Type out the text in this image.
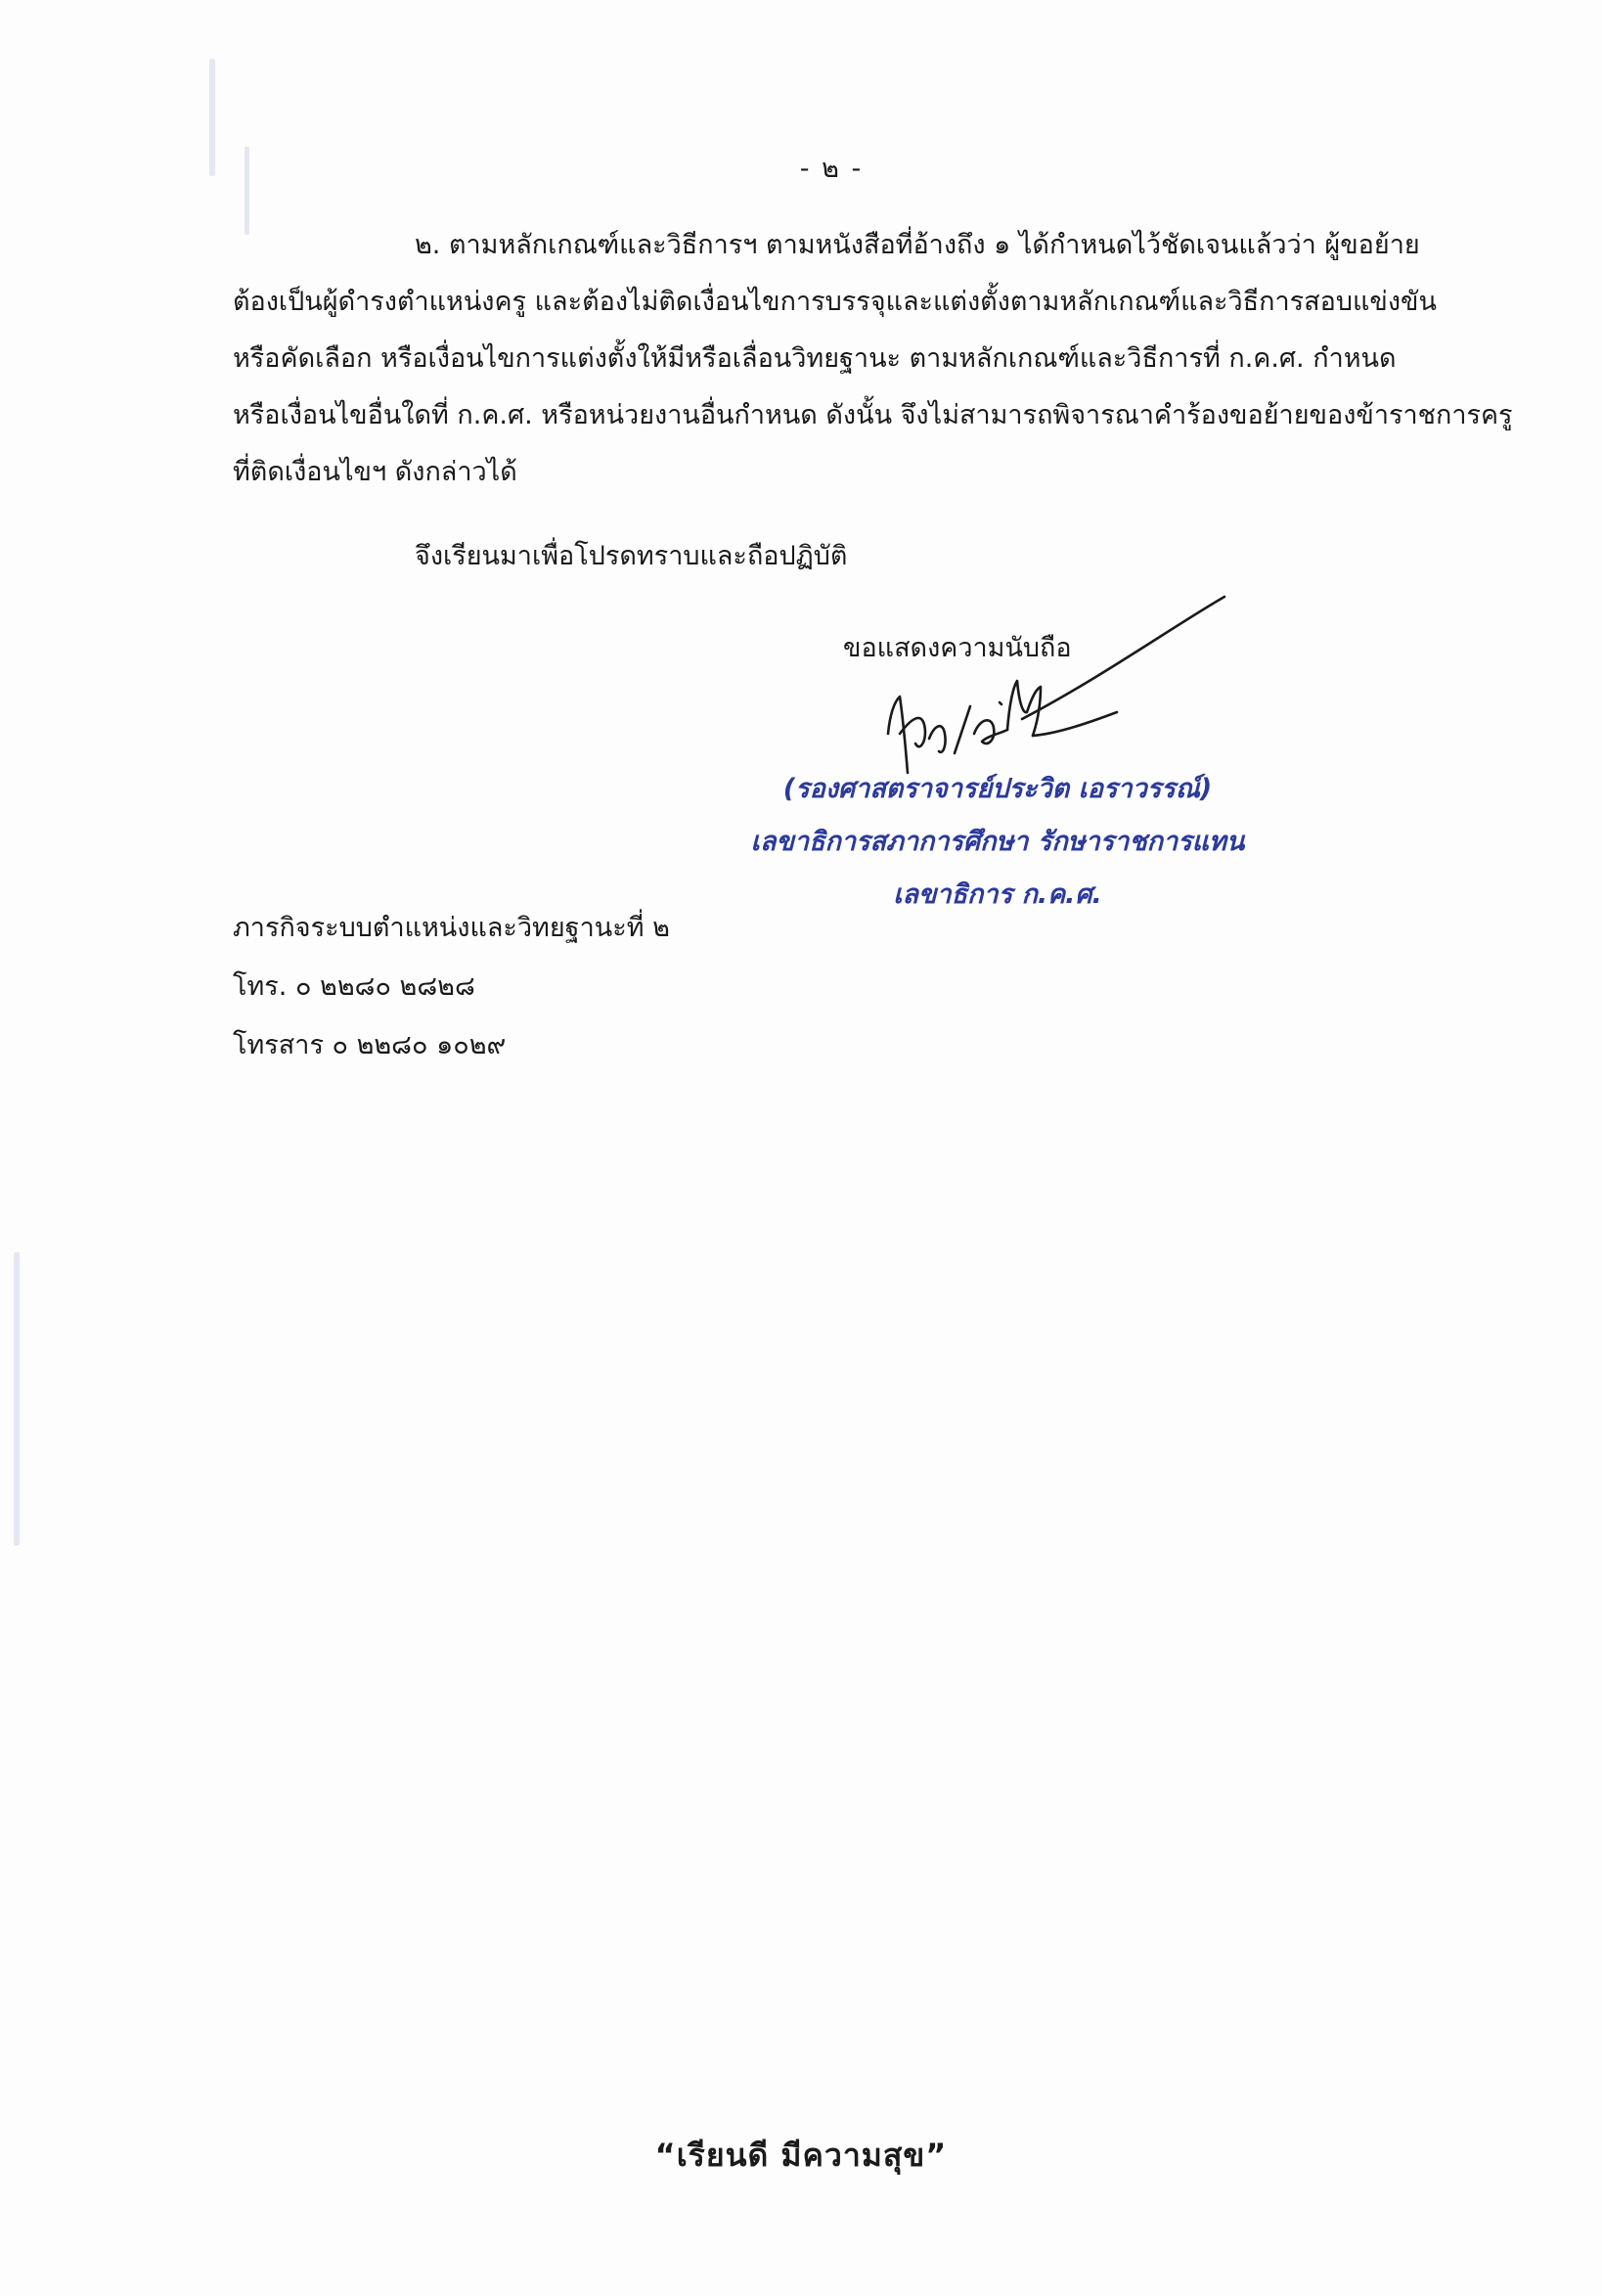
- ๒ -
๒. ตามหลักเกณฑ์และวิธีการฯ ตามหนังสือที่อ้างถึง ๑ ได้กำหนดไว้ชัดเจนแล้วว่า ผู้ขอย้าย
ต้องเป็นผู้ดำรงตำแหน่งครู และต้องไม่ติดเงื่อนไขการบรรจุและแต่งตั้งตามหลักเกณฑ์และวิธีการสอบแข่งขัน
หรือคัดเลือก หรือเงื่อนไขการแต่งตั้งให้มีหรือเลื่อนวิทยฐานะ ตามหลักเกณฑ์และวิธีการที่ ก.ค.ศ. กำหนด
หรือเงื่อนไขอื่นใดที่ ก.ค.ศ. หรือหน่วยงานอื่นกำหนด ดังนั้น จึงไม่สามารถพิจารณาคำร้องขอย้ายของข้าราชการครู
ที่ติดเงื่อนไขฯ ดังกล่าวได้
จึงเรียนมาเพื่อโปรดทราบและถือปฏิบัติ
ขอแสดงความนับถือ
(รองศาสตราจารย์ประวิต เอราวรรณ์)
เลขาธิการสภาการศึกษา รักษาราชการแทน
เลขาธิการ ก.ค.ศ.
ภารกิจระบบตำแหน่งและวิทยฐานะที่ ๒
โทร. ๐ ๒๒๘๐ ๒๘๒๘
โทรสาร ๐ ๒๒๘๐ ๑๐๒๙
“เรียนดี มีความสุข”
